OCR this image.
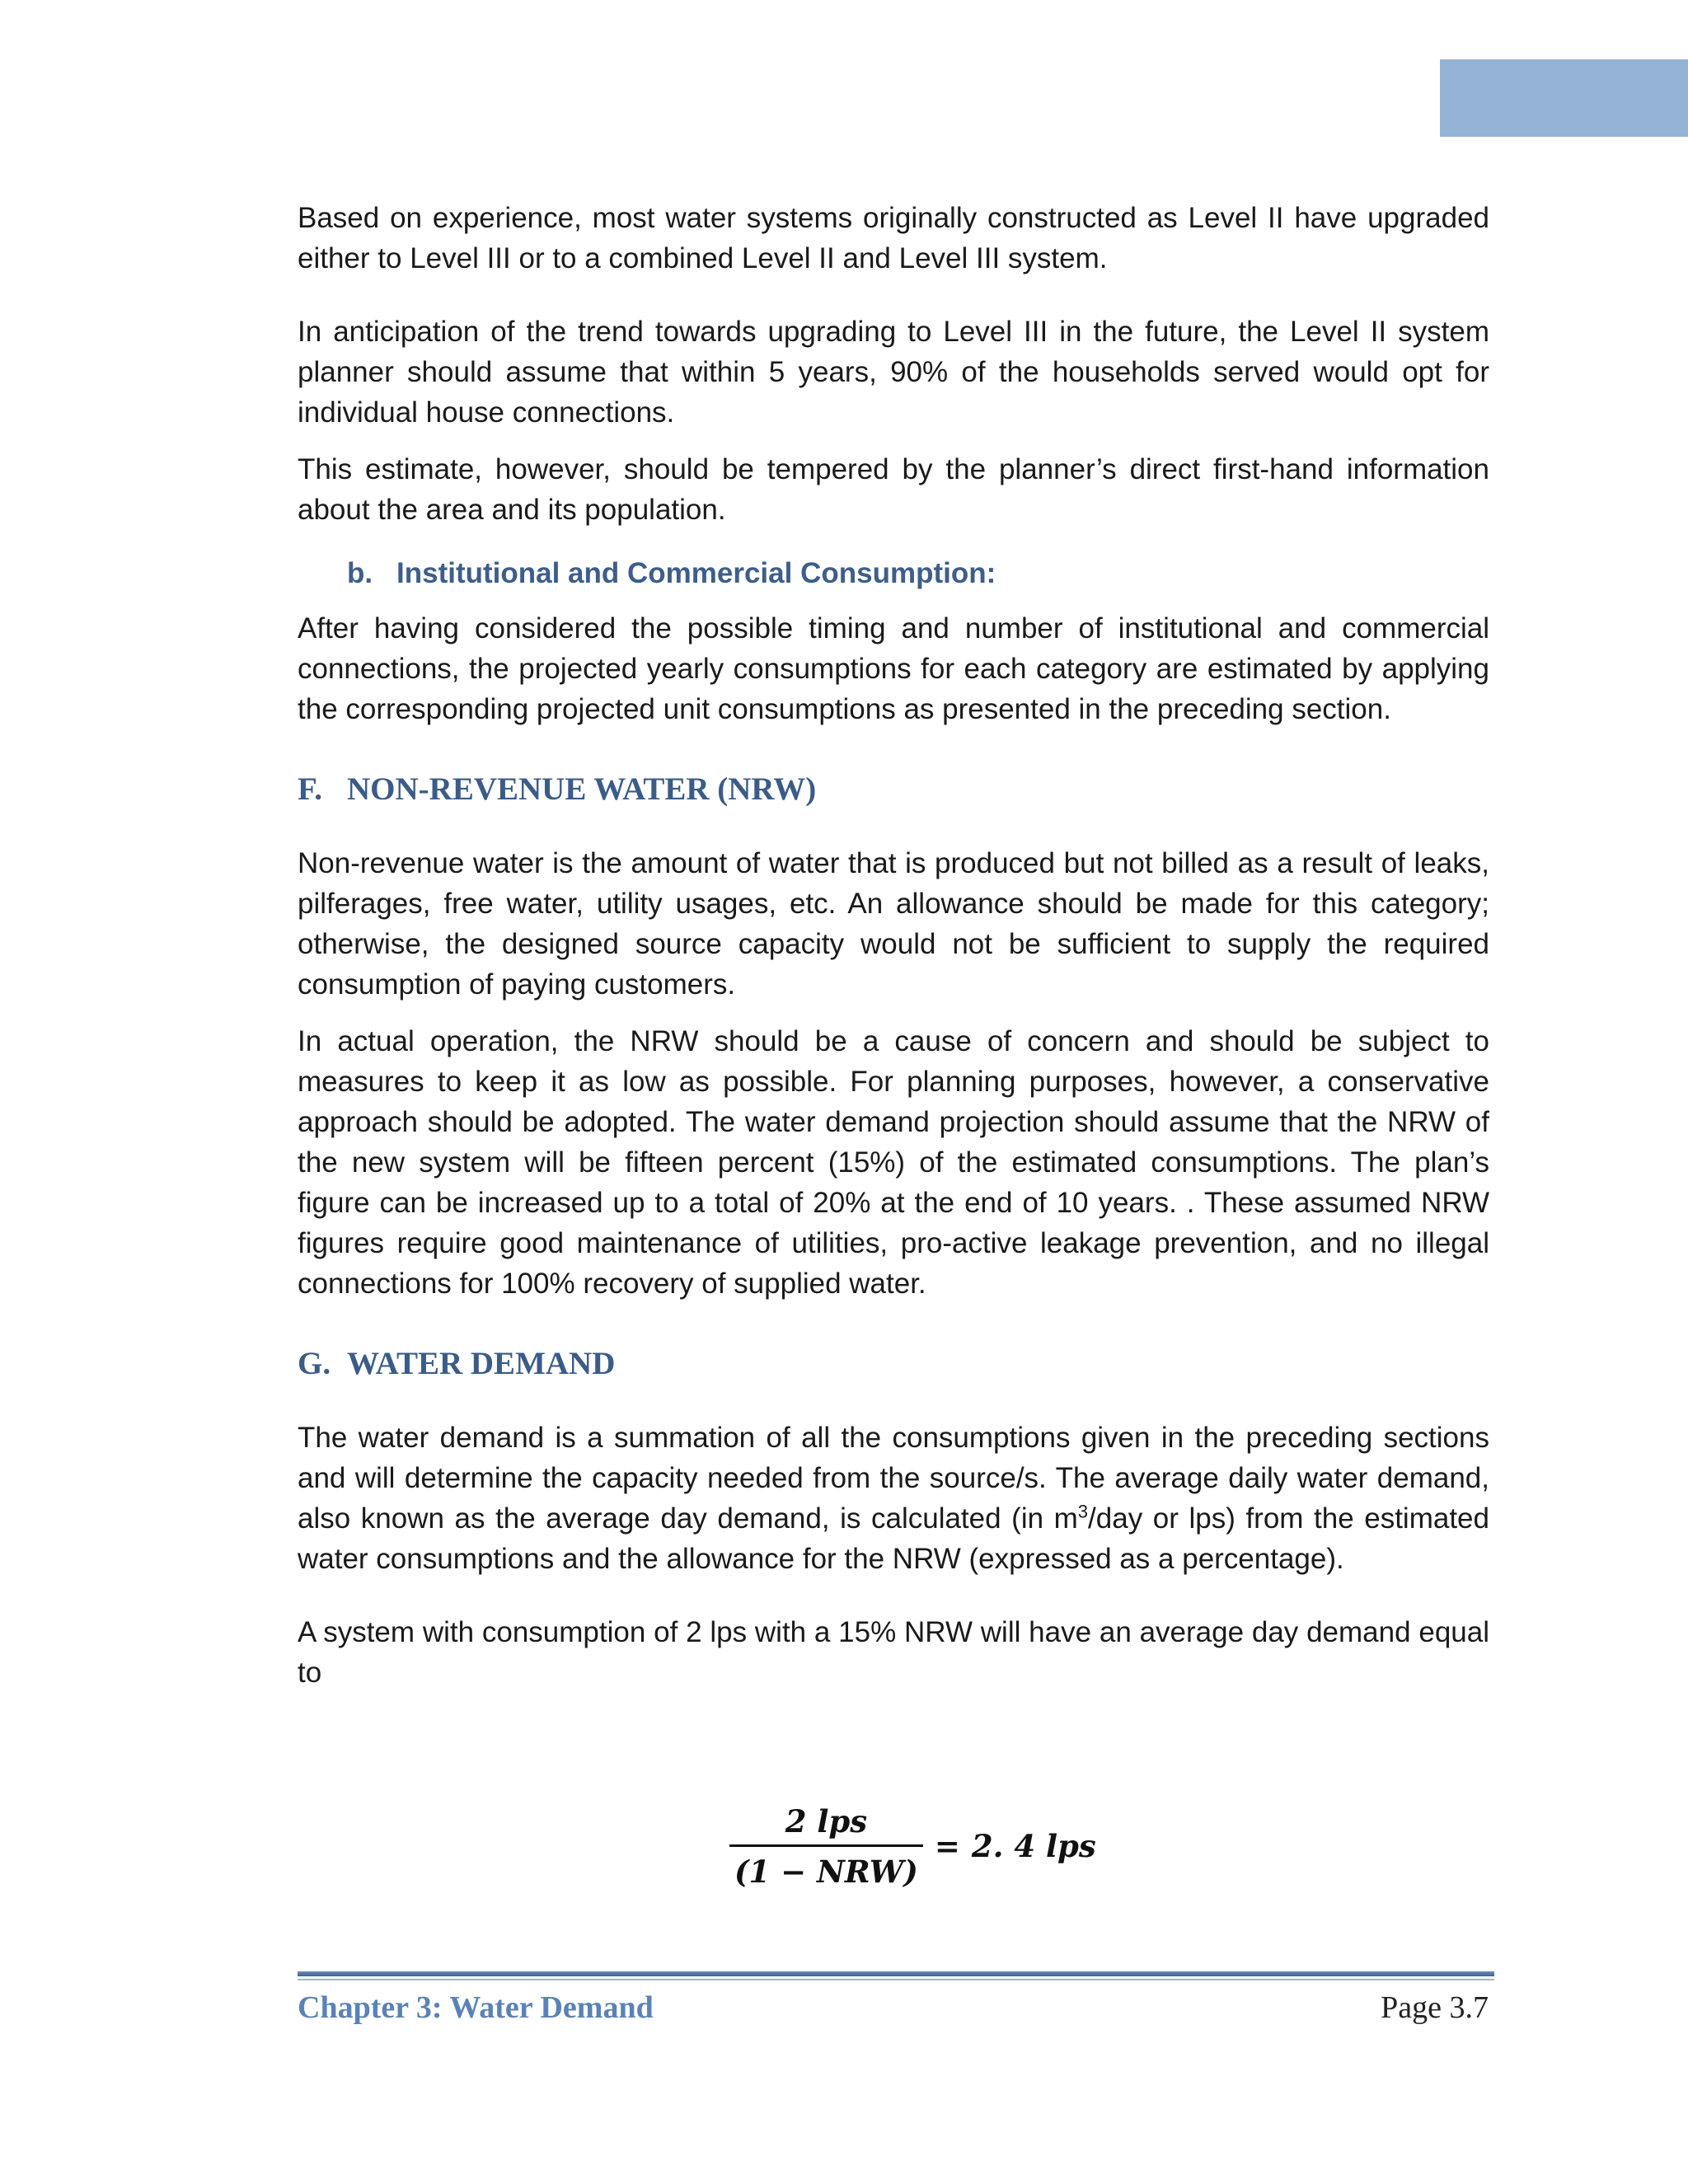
Based on experience, most water systems originally constructed as Level II have upgraded either to Level III or to a combined Level II and Level III system.

In anticipation of the trend towards upgrading to Level III in the future, the Level II system planner should assume that within 5 years, 90% of the households served would opt for individual house connections.

This estimate, however, should be tempered by the planner’s direct first-hand information about the area and its population.

b. Institutional and Commercial Consumption:

After having considered the possible timing and number of institutional and commercial connections, the projected yearly consumptions for each category are estimated by applying the corresponding projected unit consumptions as presented in the preceding section.

F. NON-REVENUE WATER (NRW)

Non-revenue water is the amount of water that is produced but not billed as a result of leaks, pilferages, free water, utility usages, etc. An allowance should be made for this category; otherwise, the designed source capacity would not be sufficient to supply the required consumption of paying customers.

In actual operation, the NRW should be a cause of concern and should be subject to measures to keep it as low as possible. For planning purposes, however, a conservative approach should be adopted. The water demand projection should assume that the NRW of the new system will be fifteen percent (15%) of the estimated consumptions. The plan’s figure can be increased up to a total of 20% at the end of 10 years. . These assumed NRW figures require good maintenance of utilities, pro-active leakage prevention, and no illegal connections for 100% recovery of supplied water.

G. WATER DEMAND

The water demand is a summation of all the consumptions given in the preceding sections and will determine the capacity needed from the source/s. The average daily water demand, also known as the average day demand, is calculated (in $m^3$/day or lps) from the estimated water consumptions and the allowance for the NRW (expressed as a percentage).

A system with consumption of 2 lps with a 15% NRW will have an average day demand equal to

$\frac{\text{2 lps}}{\text{(1 − NRW)}} = 2$. 4 lps
Chapter 3: Water Demand	Page 3.7
